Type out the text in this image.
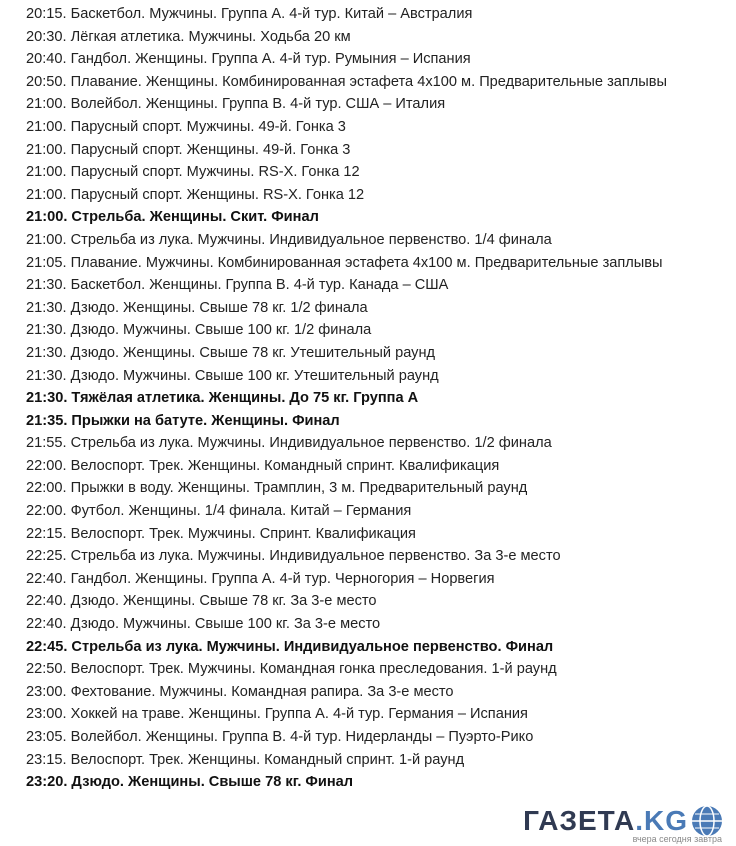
20:15. Баскетбол. Мужчины. Группа А. 4-й тур. Китай – Австралия

20:30. Лёгкая атлетика. Мужчины. Ходьба 20 км

20:40. Гандбол. Женщины. Группа А. 4-й тур. Румыния – Испания

20:50. Плавание. Женщины. Комбинированная эстафета 4х100 м. Предварительные заплывы

21:00. Волейбол. Женщины. Группа В. 4-й тур. США – Италия

21:00. Парусный спорт. Мужчины. 49-й. Гонка 3

21:00. Парусный спорт. Женщины. 49-й. Гонка 3

21:00. Парусный спорт. Мужчины. RS-X. Гонка 12

21:00. Парусный спорт. Женщины. RS-X. Гонка 12

21:00. Стрельба. Женщины. Скит. Финал

21:00. Стрельба из лука. Мужчины. Индивидуальное первенство. 1/4 финала

21:05. Плавание. Мужчины. Комбинированная эстафета 4х100 м. Предварительные заплывы

21:30. Баскетбол. Женщины. Группа В. 4-й тур. Канада – США

21:30. Дзюдо. Женщины. Свыше 78 кг. 1/2 финала

21:30. Дзюдо. Мужчины. Свыше 100 кг. 1/2 финала

21:30. Дзюдо. Женщины. Свыше 78 кг. Утешительный раунд

21:30. Дзюдо. Мужчины. Свыше 100 кг. Утешительный раунд

21:30. Тяжёлая атлетика. Женщины. До 75 кг. Группа А

21:35. Прыжки на батуте. Женщины. Финал

21:55. Стрельба из лука. Мужчины. Индивидуальное первенство. 1/2 финала

22:00. Велоспорт. Трек. Женщины. Командный спринт. Квалификация

22:00. Прыжки в воду. Женщины. Трамплин, 3 м. Предварительный раунд

22:00. Футбол. Женщины. 1/4 финала. Китай – Германия

22:15. Велоспорт. Трек. Мужчины. Спринт. Квалификация

22:25. Стрельба из лука. Мужчины. Индивидуальное первенство. За 3-е место

22:40. Гандбол. Женщины. Группа А. 4-й тур. Черногория – Норвегия

22:40. Дзюдо. Женщины. Свыше 78 кг. За 3-е место

22:40. Дзюдо. Мужчины. Свыше 100 кг. За 3-е место

22:45. Стрельба из лука. Мужчины. Индивидуальное первенство. Финал

22:50. Велоспорт. Трек. Мужчины. Командная гонка преследования. 1-й раунд

23:00. Фехтование. Мужчины. Командная рапира. За 3-е место

23:00. Хоккей на траве. Женщины. Группа А. 4-й тур. Германия – Испания

23:05. Волейбол. Женщины. Группа В. 4-й тур. Нидерланды – Пуэрто-Рико

23:15. Велоспорт. Трек. Женщины. Командный спринт. 1-й раунд

23:20. Дзюдо. Женщины. Свыше 78 кг. Финал

ГАЗЕТА.KG
вчера сегодня завтра
